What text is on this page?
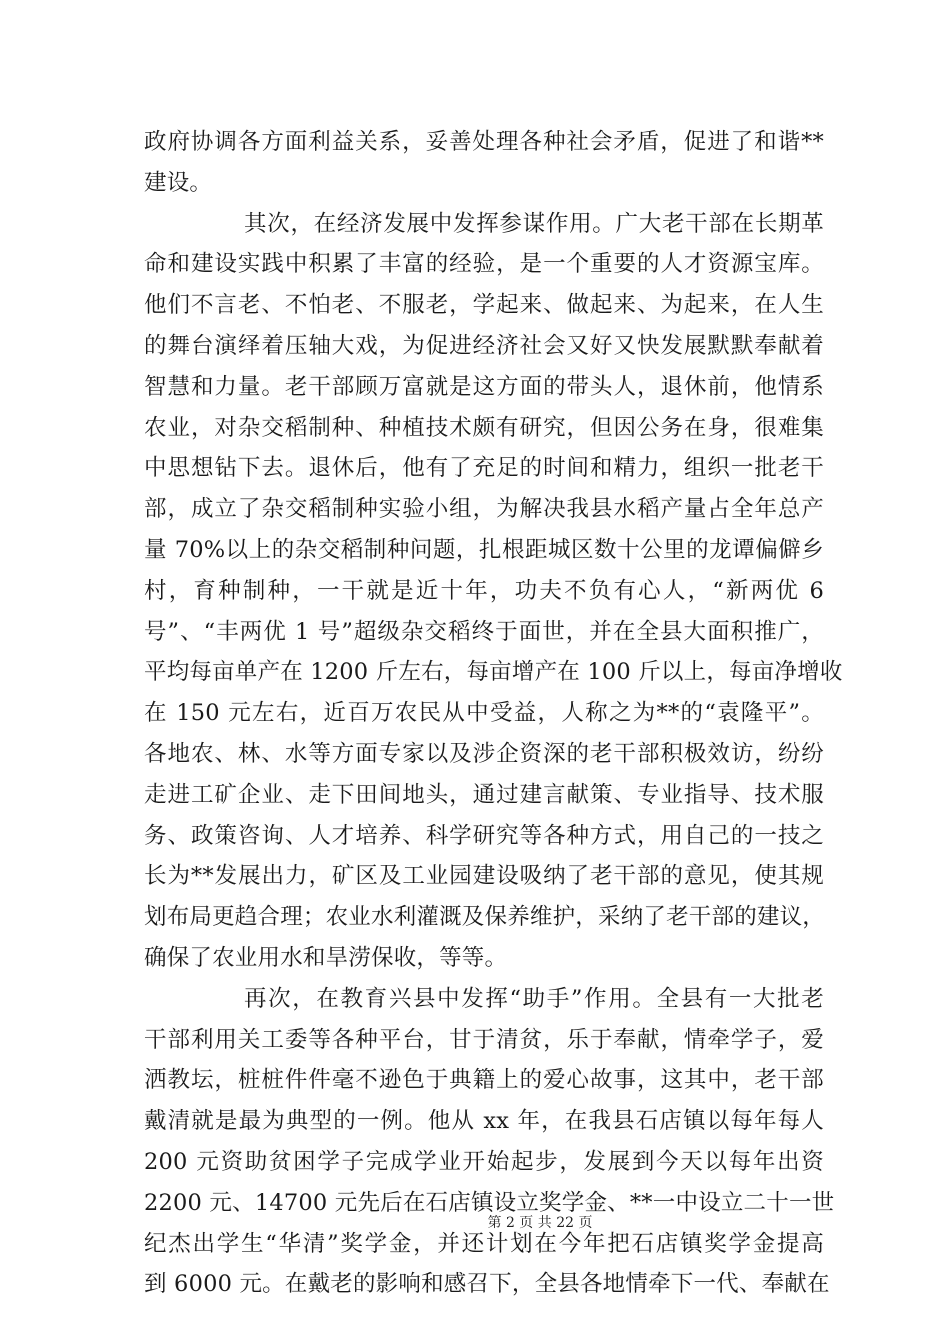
政府协调各方面利益关系，妥善处理各种社会矛盾，促进了和谐**
建设。
其次，在经济发展中发挥参谋作用。广大老干部在长期革
命和建设实践中积累了丰富的经验，是一个重要的人才资源宝库。
他们不言老、不怕老、不服老，学起来、做起来、为起来，在人生
的舞台演绎着压轴大戏，为促进经济社会又好又快发展默默奉献着
智慧和力量。老干部顾万富就是这方面的带头人，退休前，他情系
农业，对杂交稻制种、种植技术颇有研究，但因公务在身，很难集
中思想钻下去。退休后，他有了充足的时间和精力，组织一批老干
部，成立了杂交稻制种实验小组，为解决我县水稻产量占全年总产
量 70%以上的杂交稻制种问题，扎根距城区数十公里的龙谭偏僻乡
村，育种制种，一干就是近十年，功夫不负有心人，“新两优 6
号”、“丰两优 1 号”超级杂交稻终于面世，并在全县大面积推广，
平均每亩单产在 1200 斤左右，每亩增产在 100 斤以上，每亩净增收
在 150 元左右，近百万农民从中受益，人称之为**的“袁隆平”。
各地农、林、水等方面专家以及涉企资深的老干部积极效访，纷纷
走进工矿企业、走下田间地头，通过建言献策、专业指导、技术服
务、政策咨询、人才培养、科学研究等各种方式，用自己的一技之
长为**发展出力，矿区及工业园建设吸纳了老干部的意见，使其规
划布局更趋合理；农业水利灌溉及保养维护，采纳了老干部的建议，
确保了农业用水和旱涝保收，等等。
再次，在教育兴县中发挥“助手”作用。全县有一大批老
干部利用关工委等各种平台，甘于清贫，乐于奉献，情牵学子，爱
洒教坛，桩桩件件毫不逊色于典籍上的爱心故事，这其中，老干部
戴清就是最为典型的一例。他从 xx 年，在我县石店镇以每年每人
200 元资助贫困学子完成学业开始起步，发展到今天以每年出资
2200 元、14700 元先后在石店镇设立奖学金、**一中设立二十一世
纪杰出学生“华清”奖学金，并还计划在今年把石店镇奖学金提高
到 6000 元。在戴老的影响和感召下，全县各地情牵下一代、奉献在
第 2 页 共 22 页
